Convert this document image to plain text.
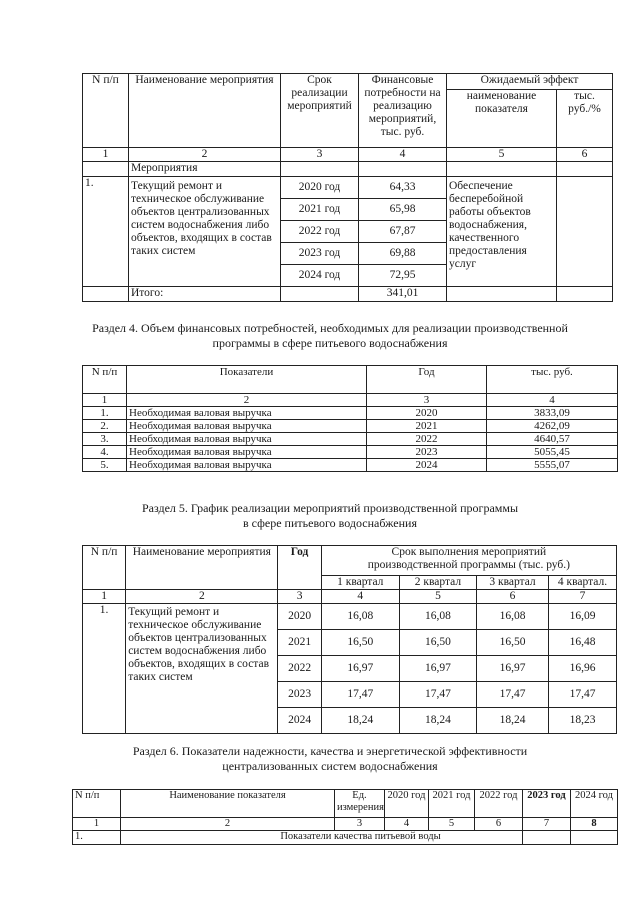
N п/п	Наименование мероприятия	Срок реализации мероприятий	Финансовые потребности на реализацию мероприятий, тыс. руб.	Ожидаемый эффект	
				наименование показателя	тыс. руб./%
1	2	3	4	5	6
	Мероприятия				
1.	Текущий ремонт и техническое обслуживание объектов централизованных систем водоснабжения либо объектов, входящих в состав таких систем	2020 год	64,33	Обеспечение бесперебойной работы объектов водоснабжения, качественного предоставления услуг	
		2021 год	65,98		
		2022 год	67,87		
		2023 год	69,88		
		2024 год	72,95		
	Итого:		341,01		
Раздел 4. Объем финансовых потребностей, необходимых для реализации производственной
программы в сфере питьевого водоснабжения
N п/п	Показатели	Год	тыс. руб.
1	2	3	4
1.	Необходимая валовая выручка	2020	3833,09
2.	Необходимая валовая выручка	2021	4262,09
3.	Необходимая валовая выручка	2022	4640,57
4.	Необходимая валовая выручка	2023	5055,45
5.	Необходимая валовая выручка	2024	5555,07
Раздел 5. График реализации мероприятий производственной программы
в сфере питьевого водоснабжения
N п/п	Наименование мероприятия	Год	Срок выполнения мероприятий производственной программы (тыс. руб.)			
			1 квартал	2 квартал	3 квартал	4 квартал.
1	2	3	4	5	6	7
1.	Текущий ремонт и техническое обслуживание объектов централизованных систем водоснабжения либо объектов, входящих в состав таких систем	2020	16,08	16,08	16,08	16,09
		2021	16,50	16,50	16,50	16,48
		2022	16,97	16,97	16,97	16,96
		2023	17,47	17,47	17,47	17,47
		2024	18,24	18,24	18,24	18,23
Раздел 6. Показатели надежности, качества и энергетической эффективности
централизованных систем водоснабжения
N п/п	Наименование показателя	Ед. измерения	2020 год	2021 год	2022 год	2023 год	2024 год
1	2	3	4	5	6	7	8
1.	Показатели качества питьевой воды						
